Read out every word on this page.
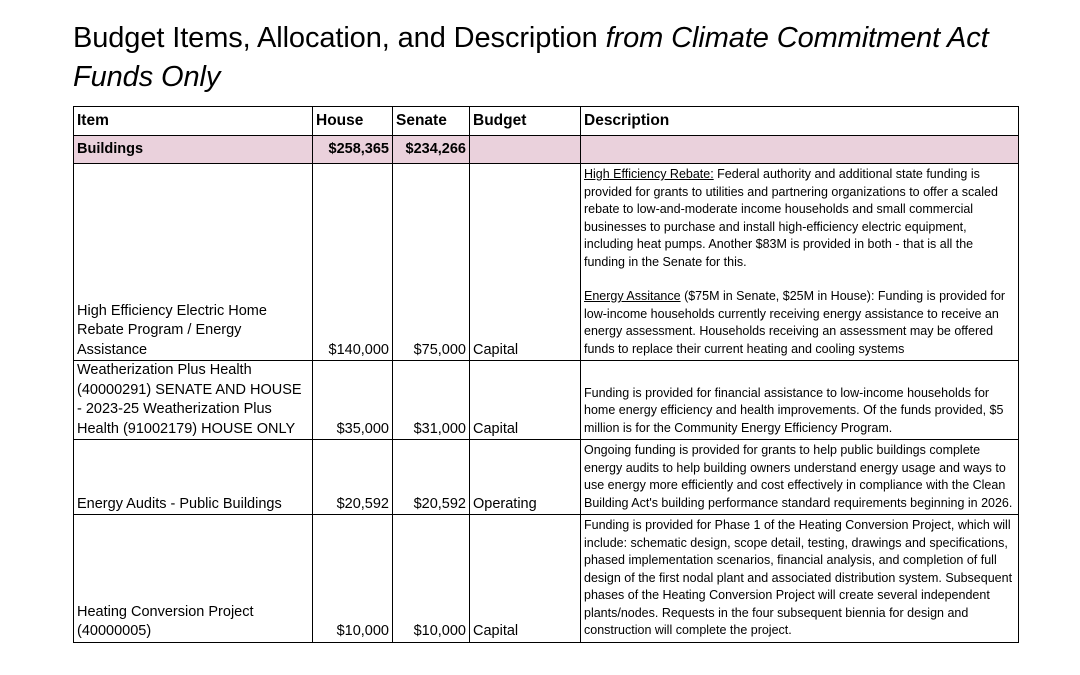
Budget Items, Allocation, and Description from Climate Commitment Act Funds Only
Item	House	Senate	Budget	Description
Buildings	$258,365	$234,266		
High Efficiency Electric Home Rebate Program / Energy Assistance	$140,000	$75,000	Capital	High Efficiency Rebate: Federal authority and additional state funding is provided for grants to utilities and partnering organizations to offer a scaled rebate to low-and-moderate income households and small commercial businesses to purchase and install high-efficiency electric equipment, including heat pumps. Another $83M is provided in both - that is all the funding in the Senate for this.
Energy Assitance ($75M in Senate, $25M in House): Funding is provided for low-income households currently receiving energy assistance to receive an energy assessment. Households receiving an assessment may be offered funds to replace their current heating and cooling systems

Weatherization Plus Health (40000291) SENATE AND HOUSE - 2023-25 Weatherization Plus Health (91002179) HOUSE ONLY	$35,000	$31,000	Capital	Funding is provided for financial assistance to low-income households for home energy efficiency and health improvements. Of the funds provided, $5 million is for the Community Energy Efficiency Program.
Energy Audits - Public Buildings	$20,592	$20,592	Operating	Ongoing funding is provided for grants to help public buildings complete energy audits to help building owners understand energy usage and ways to use energy more efficiently and cost effectively in compliance with the Clean Building Act's building performance standard requirements beginning in 2026.
Heating Conversion Project (40000005)	$10,000	$10,000	Capital	Funding is provided for Phase 1 of the Heating Conversion Project, which will include: schematic design, scope detail, testing, drawings and specifications, phased implementation scenarios, financial analysis, and completion of full design of the first nodal plant and associated distribution system. Subsequent phases of the Heating Conversion Project will create several independent plants/nodes. Requests in the four subsequent biennia for design and construction will complete the project.
